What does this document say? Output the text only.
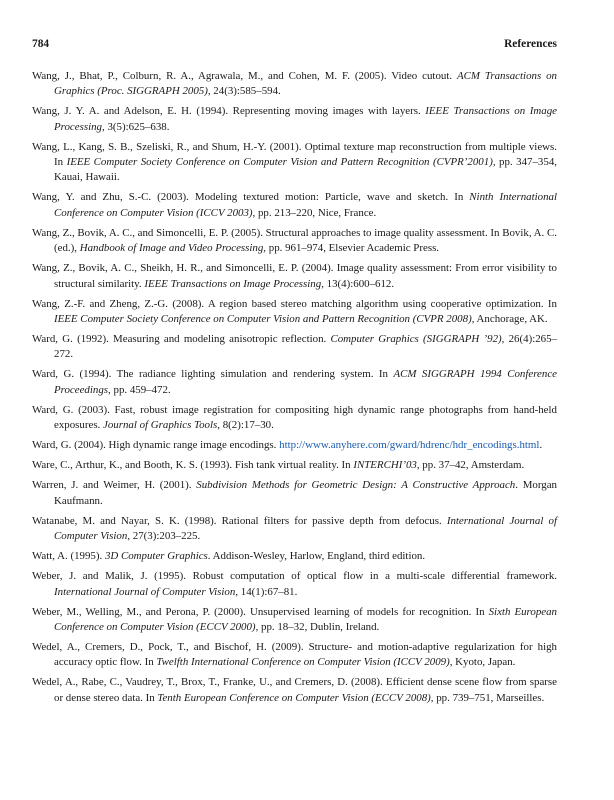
784	References
Wang, J., Bhat, P., Colburn, R. A., Agrawala, M., and Cohen, M. F. (2005). Video cutout. ACM Transactions on Graphics (Proc. SIGGRAPH 2005), 24(3):585–594.
Wang, J. Y. A. and Adelson, E. H. (1994). Representing moving images with layers. IEEE Transactions on Image Processing, 3(5):625–638.
Wang, L., Kang, S. B., Szeliski, R., and Shum, H.-Y. (2001). Optimal texture map reconstruction from multiple views. In IEEE Computer Society Conference on Computer Vision and Pattern Recognition (CVPR’2001), pp. 347–354, Kauai, Hawaii.
Wang, Y. and Zhu, S.-C. (2003). Modeling textured motion: Particle, wave and sketch. In Ninth International Conference on Computer Vision (ICCV 2003), pp. 213–220, Nice, France.
Wang, Z., Bovik, A. C., and Simoncelli, E. P. (2005). Structural approaches to image quality assessment. In Bovik, A. C. (ed.), Handbook of Image and Video Processing, pp. 961–974, Elsevier Academic Press.
Wang, Z., Bovik, A. C., Sheikh, H. R., and Simoncelli, E. P. (2004). Image quality assessment: From error visibility to structural similarity. IEEE Transactions on Image Processing, 13(4):600–612.
Wang, Z.-F. and Zheng, Z.-G. (2008). A region based stereo matching algorithm using cooperative optimization. In IEEE Computer Society Conference on Computer Vision and Pattern Recognition (CVPR 2008), Anchorage, AK.
Ward, G. (1992). Measuring and modeling anisotropic reflection. Computer Graphics (SIGGRAPH ’92), 26(4):265–272.
Ward, G. (1994). The radiance lighting simulation and rendering system. In ACM SIGGRAPH 1994 Conference Proceedings, pp. 459–472.
Ward, G. (2003). Fast, robust image registration for compositing high dynamic range photographs from hand-held exposures. Journal of Graphics Tools, 8(2):17–30.
Ward, G. (2004). High dynamic range image encodings. http://www.anyhere.com/gward/hdrenc/hdr_encodings.html.
Ware, C., Arthur, K., and Booth, K. S. (1993). Fish tank virtual reality. In INTERCHI’03, pp. 37–42, Amsterdam.
Warren, J. and Weimer, H. (2001). Subdivision Methods for Geometric Design: A Constructive Approach. Morgan Kaufmann.
Watanabe, M. and Nayar, S. K. (1998). Rational filters for passive depth from defocus. International Journal of Computer Vision, 27(3):203–225.
Watt, A. (1995). 3D Computer Graphics. Addison-Wesley, Harlow, England, third edition.
Weber, J. and Malik, J. (1995). Robust computation of optical flow in a multi-scale differential framework. International Journal of Computer Vision, 14(1):67–81.
Weber, M., Welling, M., and Perona, P. (2000). Unsupervised learning of models for recognition. In Sixth European Conference on Computer Vision (ECCV 2000), pp. 18–32, Dublin, Ireland.
Wedel, A., Cremers, D., Pock, T., and Bischof, H. (2009). Structure- and motion-adaptive regularization for high accuracy optic flow. In Twelfth International Conference on Computer Vision (ICCV 2009), Kyoto, Japan.
Wedel, A., Rabe, C., Vaudrey, T., Brox, T., Franke, U., and Cremers, D. (2008). Efficient dense scene flow from sparse or dense stereo data. In Tenth European Conference on Computer Vision (ECCV 2008), pp. 739–751, Marseilles.
